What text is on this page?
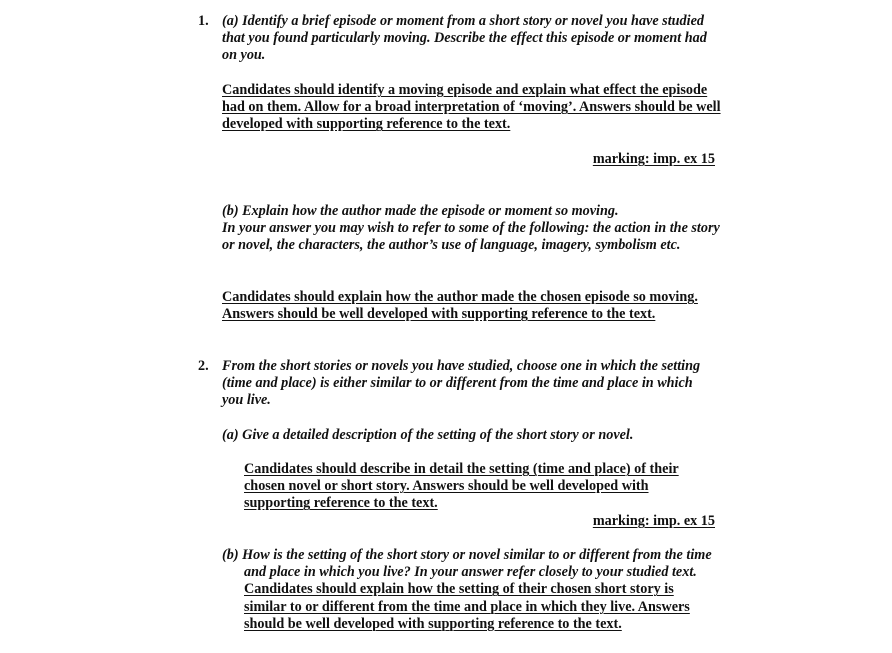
1. (a) Identify a brief episode or moment from a short story or novel you have studied that you found particularly moving. Describe the effect this episode or moment had on you.

Candidates should identify a moving episode and explain what effect the episode had on them. Allow for a broad interpretation of ‘moving’. Answers should be well developed with supporting reference to the text.

marking: imp. ex 15
(b) Explain how the author made the episode or moment so moving.
In your answer you may wish to refer to some of the following: the action in the story or novel, the characters, the author’s use of language, imagery, symbolism etc.

Candidates should explain how the author made the chosen episode so moving. Answers should be well developed with supporting reference to the text.

2. From the short stories or novels you have studied, choose one in which the setting (time and place) is either similar to or different from the time and place in which you live.

(a) Give a detailed description of the setting of the short story or novel.

Candidates should describe in detail the setting (time and place) of their chosen novel or short story. Answers should be well developed with supporting reference to the text.

marking: imp. ex 15
(b) How is the setting of the short story or novel similar to or different from the time and place in which you live? In your answer refer closely to your studied text.
Candidates should explain how the setting of their chosen short story is similar to or different from the time and place in which they live. Answers should be well developed with supporting reference to the text.
